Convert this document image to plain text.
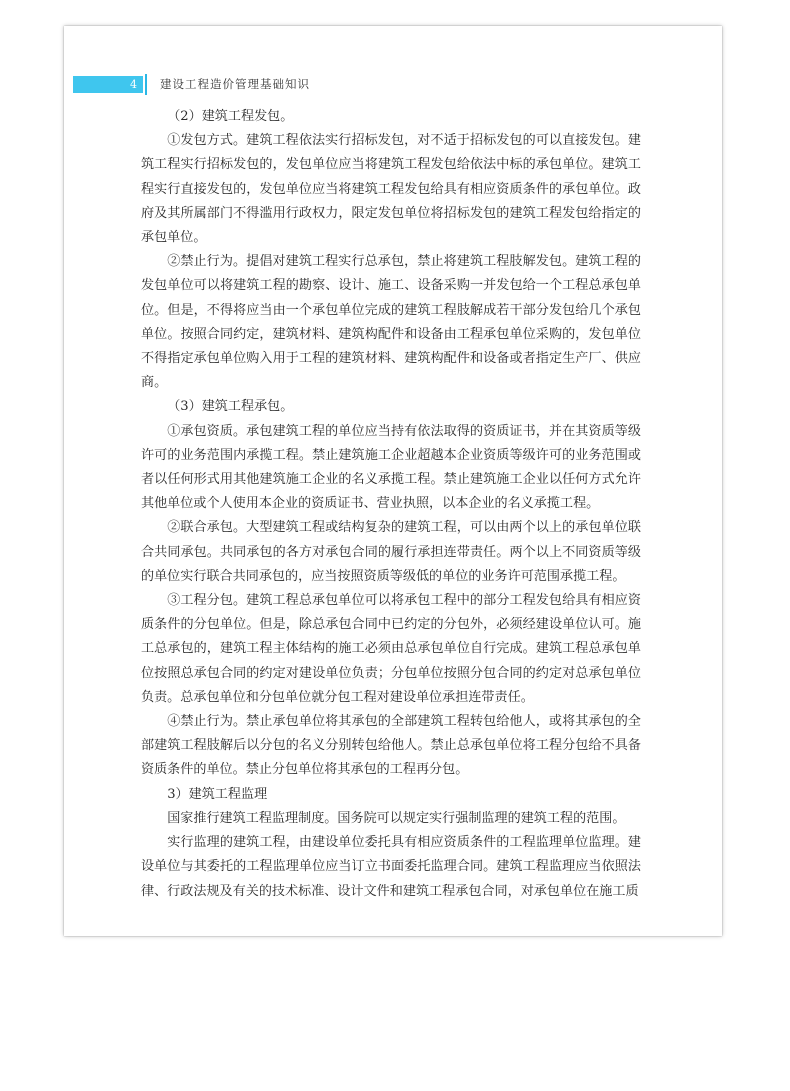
4 建设工程造价管理基础知识

（2）建筑工程发包。

①发包方式。建筑工程依法实行招标发包，对不适于招标发包的可以直接发包。建筑工程实行招标发包的，发包单位应当将建筑工程发包给依法中标的承包单位。建筑工程实行直接发包的，发包单位应当将建筑工程发包给具有相应资质条件的承包单位。政府及其所属部门不得滥用行政权力，限定发包单位将招标发包的建筑工程发包给指定的承包单位。

②禁止行为。提倡对建筑工程实行总承包，禁止将建筑工程肢解发包。建筑工程的发包单位可以将建筑工程的勘察、设计、施工、设备采购一并发包给一个工程总承包单位。但是，不得将应当由一个承包单位完成的建筑工程肢解成若干部分发包给几个承包单位。按照合同约定，建筑材料、建筑构配件和设备由工程承包单位采购的，发包单位不得指定承包单位购入用于工程的建筑材料、建筑构配件和设备或者指定生产厂、供应商。

（3）建筑工程承包。

①承包资质。承包建筑工程的单位应当持有依法取得的资质证书，并在其资质等级许可的业务范围内承揽工程。禁止建筑施工企业超越本企业资质等级许可的业务范围或者以任何形式用其他建筑施工企业的名义承揽工程。禁止建筑施工企业以任何方式允许其他单位或个人使用本企业的资质证书、营业执照，以本企业的名义承揽工程。

②联合承包。大型建筑工程或结构复杂的建筑工程，可以由两个以上的承包单位联合共同承包。共同承包的各方对承包合同的履行承担连带责任。两个以上不同资质等级的单位实行联合共同承包的，应当按照资质等级低的单位的业务许可范围承揽工程。

③工程分包。建筑工程总承包单位可以将承包工程中的部分工程发包给具有相应资质条件的分包单位。但是，除总承包合同中已约定的分包外，必须经建设单位认可。施工总承包的，建筑工程主体结构的施工必须由总承包单位自行完成。建筑工程总承包单位按照总承包合同的约定对建设单位负责；分包单位按照分包合同的约定对总承包单位负责。总承包单位和分包单位就分包工程对建设单位承担连带责任。

④禁止行为。禁止承包单位将其承包的全部建筑工程转包给他人，或将其承包的全部建筑工程肢解后以分包的名义分别转包给他人。禁止总承包单位将工程分包给不具备资质条件的单位。禁止分包单位将其承包的工程再分包。

3）建筑工程监理

国家推行建筑工程监理制度。国务院可以规定实行强制监理的建筑工程的范围。

实行监理的建筑工程，由建设单位委托具有相应资质条件的工程监理单位监理。建设单位与其委托的工程监理单位应当订立书面委托监理合同。建筑工程监理应当依照法律、行政法规及有关的技术标准、设计文件和建筑工程承包合同，对承包单位在施工质
